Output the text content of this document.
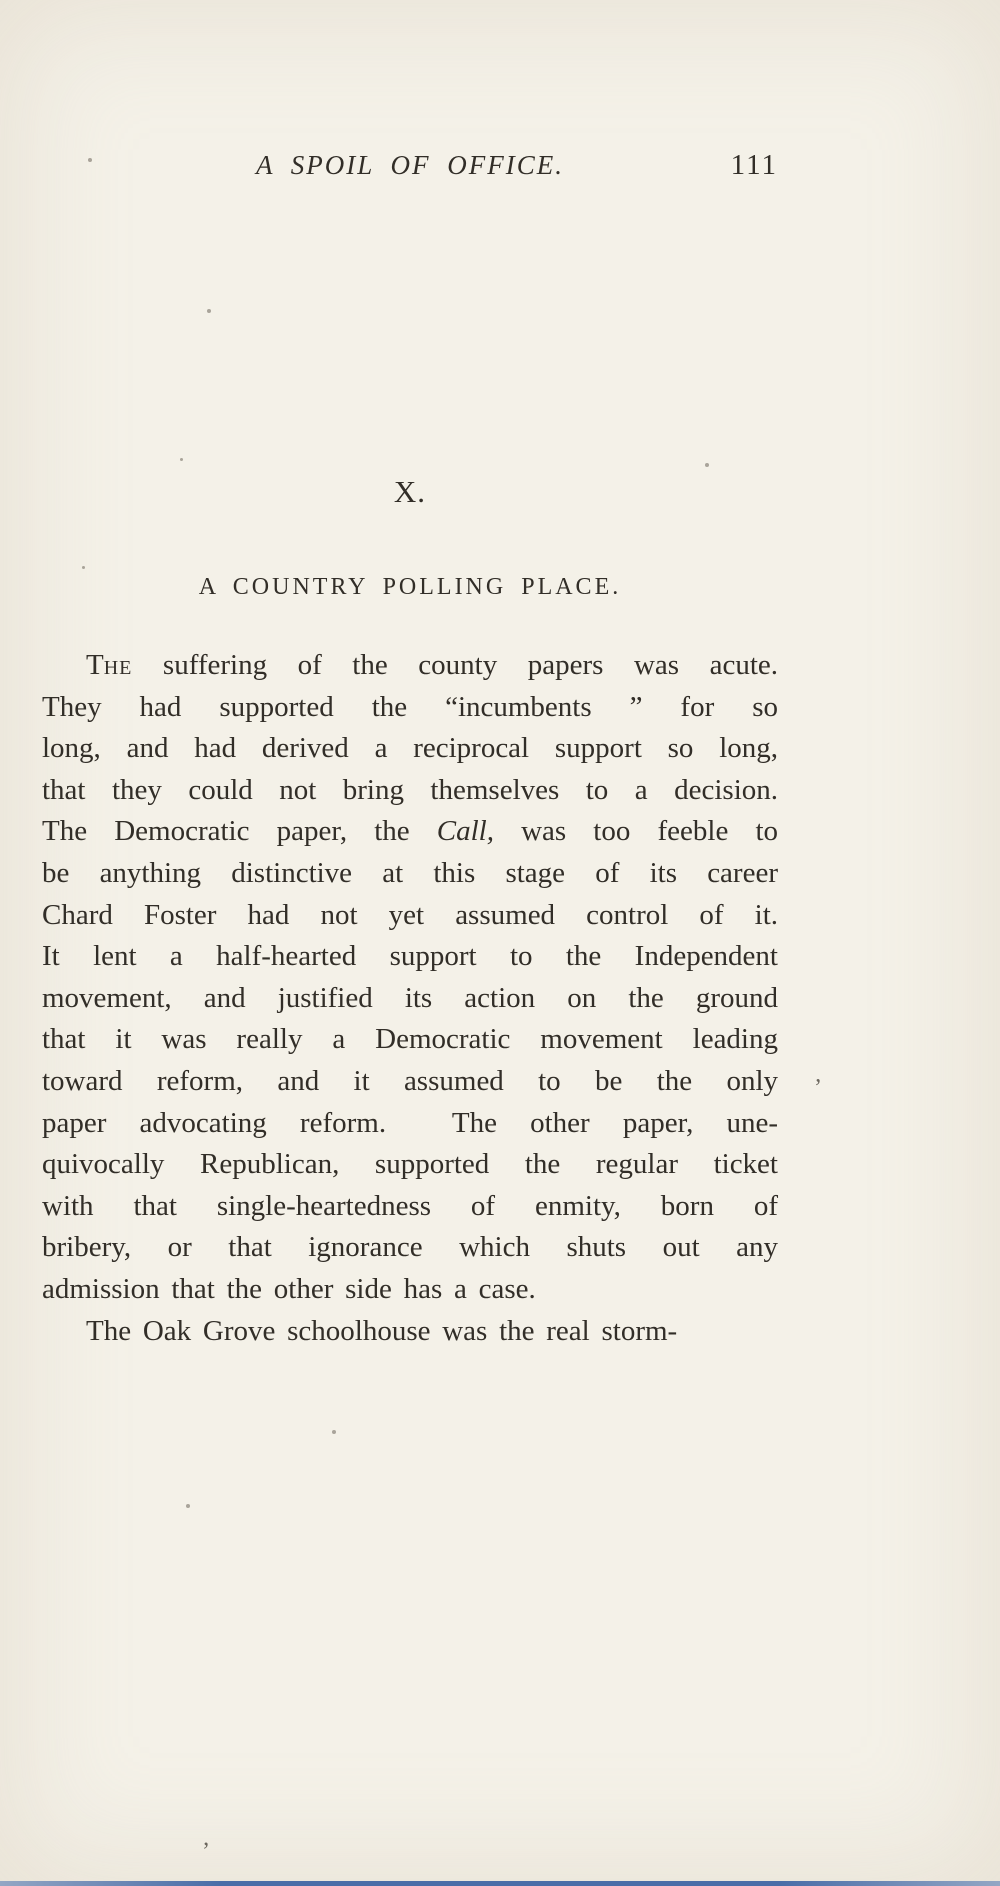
A SPOIL OF OFFICE.	111
X.
A COUNTRY POLLING PLACE.
The suffering of the county papers was acute.
They had supported the “incumbents ” for so
long, and had derived a reciprocal support so long,
that they could not bring themselves to a decision.
The Democratic paper, the Call, was too feeble to
be anything distinctive at this stage of its career
Chard Foster had not yet assumed control of it.
It lent a half-hearted support to the Independent
movement, and justified its action on the ground
that it was really a Democratic movement leading
toward reform, and it assumed to be the only
paper advocating reform.  The other paper, une-
quivocally Republican, supported the regular ticket
with that single-heartedness of enmity, born of
bribery, or that ignorance which shuts out any
admission that the other side has a case.
The Oak Grove schoolhouse was the real storm-
’
‚
